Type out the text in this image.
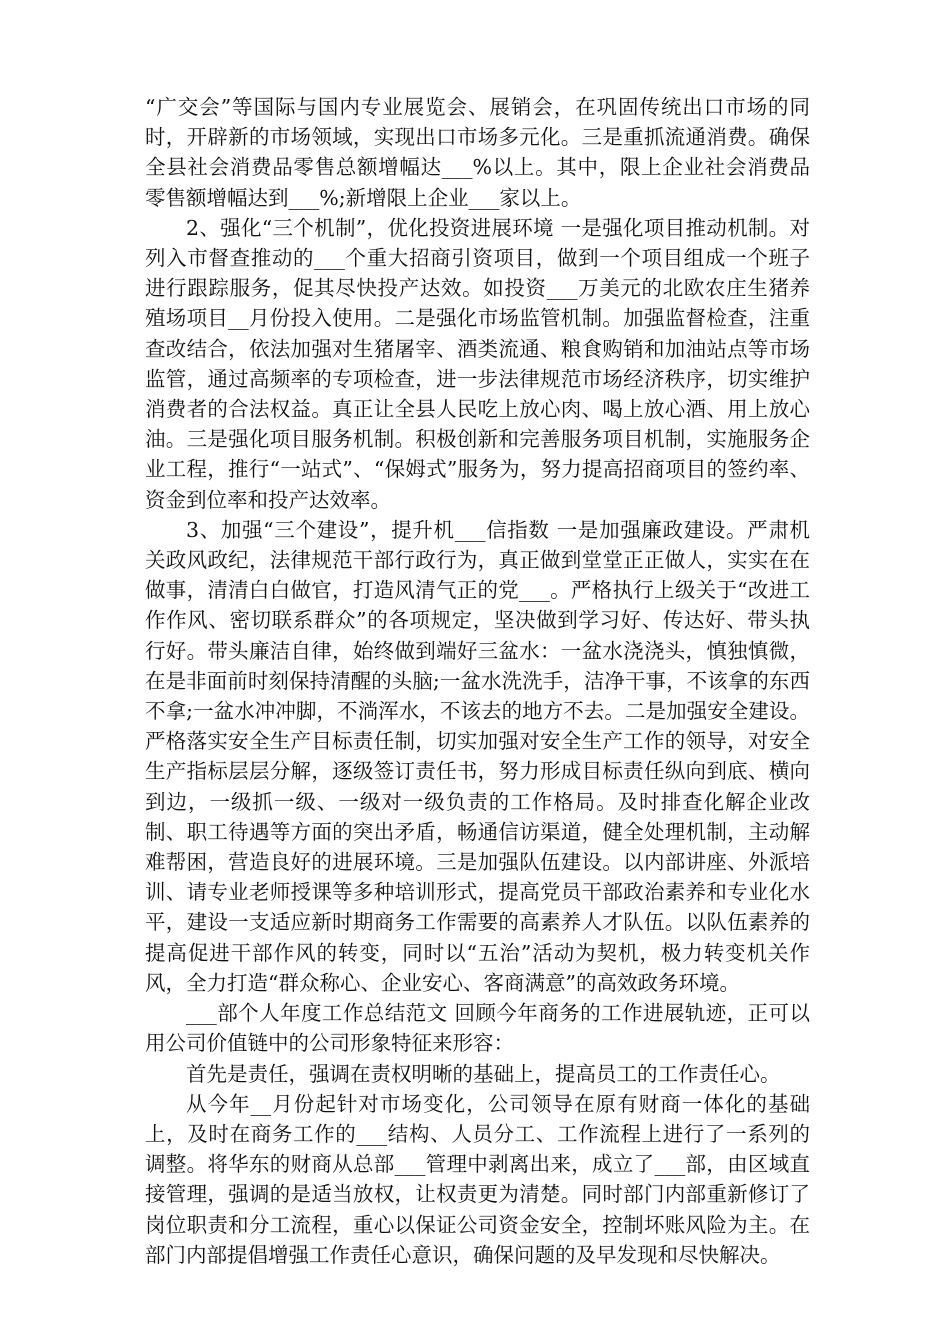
“广交会”等国际与国内专业展览会、展销会，在巩固传统出口市场的同时，开辟新的市场领域，实现出口市场多元化。三是重抓流通消费。确保全县社会消费品零售总额增幅达___%以上。其中，限上企业社会消费品零售额增幅达到___%;新增限上企业___家以上。

2、强化“三个机制”，优化投资进展环境 一是强化项目推动机制。对列入市督查推动的___个重大招商引资项目，做到一个项目组成一个班子进行跟踪服务，促其尽快投产达效。如投资___万美元的北欧农庄生猪养殖场项目__月份投入使用。二是强化市场监管机制。加强监督检查，注重查改结合，依法加强对生猪屠宰、酒类流通、粮食购销和加油站点等市场监管，通过高频率的专项检查，进一步法律规范市场经济秩序，切实维护消费者的合法权益。真正让全县人民吃上放心肉、喝上放心酒、用上放心油。三是强化项目服务机制。积极创新和完善服务项目机制，实施服务企业工程，推行“一站式”、“保姆式”服务为，努力提高招商项目的签约率、资金到位率和投产达效率。

3、加强“三个建设”，提升机___信指数 一是加强廉政建设。严肃机关政风政纪，法律规范干部行政行为，真正做到堂堂正正做人，实实在在做事，清清白白做官，打造风清气正的党___。严格执行上级关于“改进工作作风、密切联系群众”的各项规定，坚决做到学习好、传达好、带头执行好。带头廉洁自律，始终做到端好三盆水：一盆水浇浇头，慎独慎微，在是非面前时刻保持清醒的头脑;一盆水洗洗手，洁净干事，不该拿的东西不拿;一盆水冲冲脚，不淌浑水，不该去的地方不去。二是加强安全建设。严格落实安全生产目标责任制，切实加强对安全生产工作的领导，对安全生产指标层层分解，逐级签订责任书，努力形成目标责任纵向到底、横向到边，一级抓一级、一级对一级负责的工作格局。及时排查化解企业改制、职工待遇等方面的突出矛盾，畅通信访渠道，健全处理机制，主动解难帮困，营造良好的进展环境。三是加强队伍建设。以内部讲座、外派培训、请专业老师授课等多种培训形式，提高党员干部政治素养和专业化水平，建设一支适应新时期商务工作需要的高素养人才队伍。以队伍素养的提高促进干部作风的转变，同时以“五治”活动为契机，极力转变机关作风，全力打造“群众称心、企业安心、客商满意”的高效政务环境。

___部个人年度工作总结范文 回顾今年商务的工作进展轨迹，正可以用公司价值链中的公司形象特征来形容：

首先是责任，强调在责权明晰的基础上，提高员工的工作责任心。

从今年__月份起针对市场变化，公司领导在原有财商一体化的基础上，及时在商务工作的___结构、人员分工、工作流程上进行了一系列的调整。将华东的财商从总部___管理中剥离出来，成立了___部，由区域直接管理，强调的是适当放权，让权责更为清楚。同时部门内部重新修订了岗位职责和分工流程，重心以保证公司资金安全，控制坏账风险为主。在部门内部提倡增强工作责任心意识，确保问题的及早发现和尽快解决。
